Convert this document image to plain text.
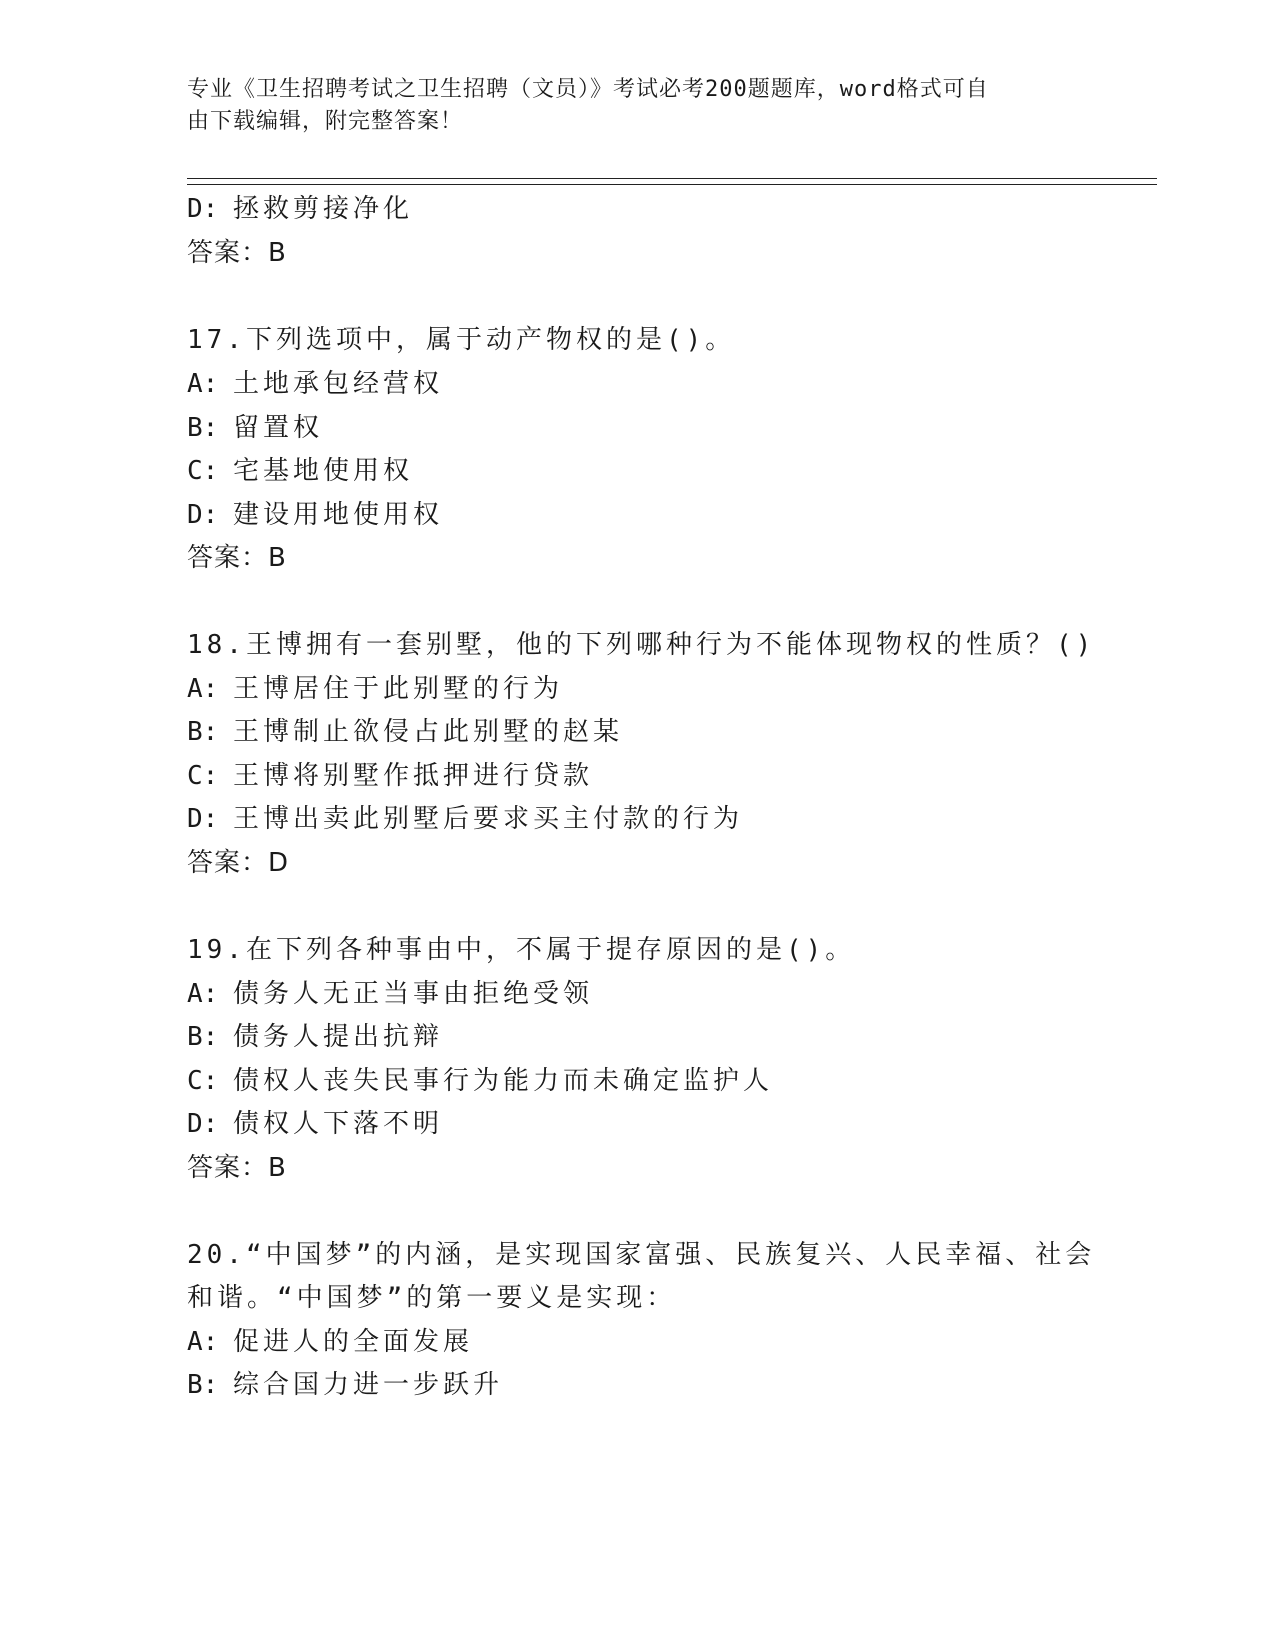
专业《卫生招聘考试之卫生招聘（文员）》考试必考200题题库，word格式可自
由下载编辑，附完整答案！
D: 拯救剪接净化
答案：B
17.下列选项中，属于动产物权的是()。
A: 土地承包经营权
B: 留置权
C: 宅基地使用权
D: 建设用地使用权
答案：B
18.王博拥有一套别墅，他的下列哪种行为不能体现物权的性质？()
A: 王博居住于此别墅的行为
B: 王博制止欲侵占此别墅的赵某
C: 王博将别墅作抵押进行贷款
D: 王博出卖此别墅后要求买主付款的行为
答案：D
19.在下列各种事由中，不属于提存原因的是()。
A: 债务人无正当事由拒绝受领
B: 债务人提出抗辩
C: 债权人丧失民事行为能力而未确定监护人
D: 债权人下落不明
答案：B
20.“中国梦”的内涵，是实现国家富强、民族复兴、人民幸福、社会
和谐。“中国梦”的第一要义是实现：
A: 促进人的全面发展
B: 综合国力进一步跃升
